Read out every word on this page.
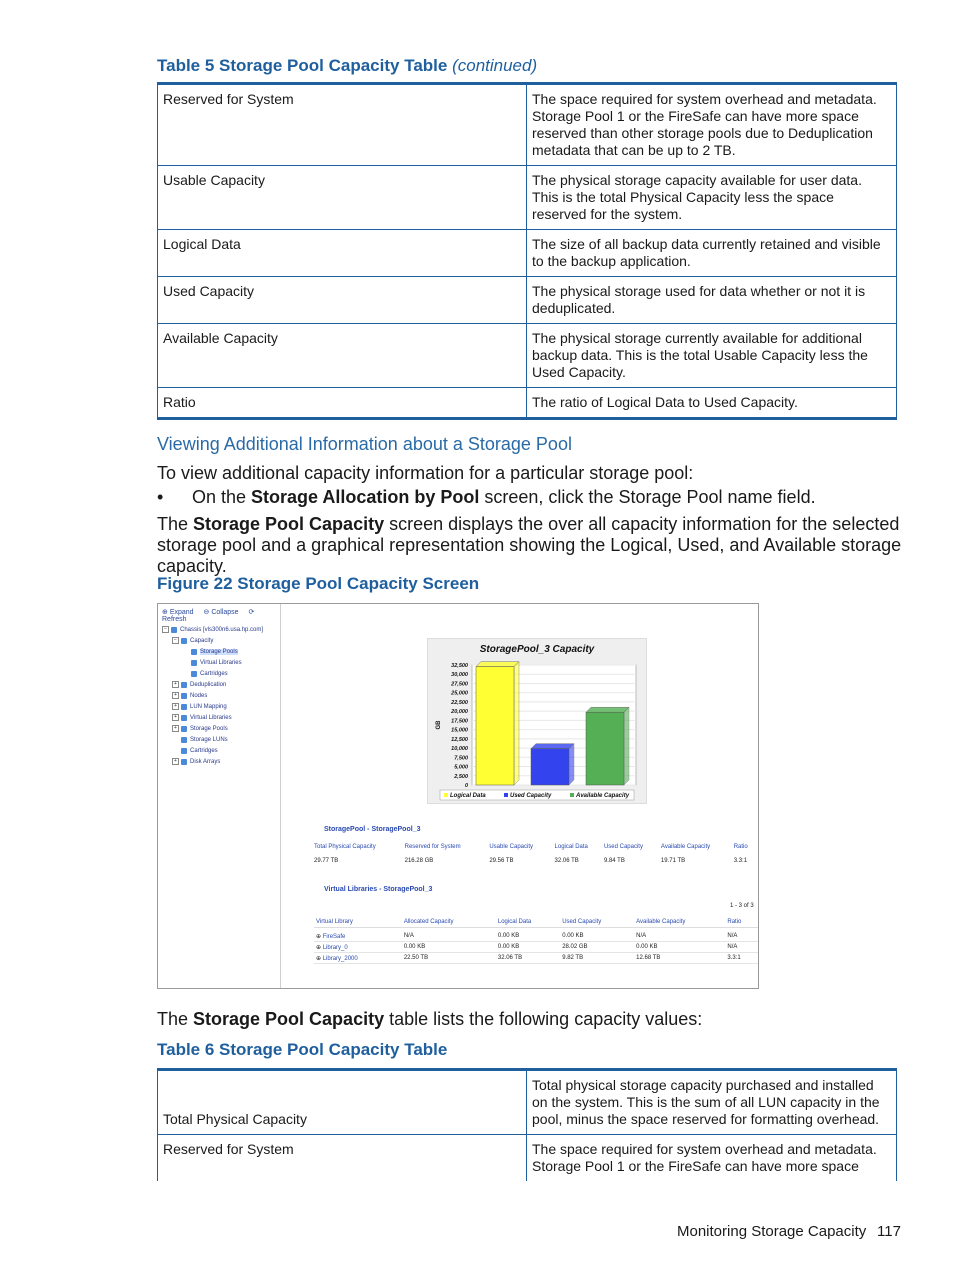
Table 5 Storage Pool Capacity Table (continued)
Reserved for System	The space required for system overhead and metadata. Storage Pool 1 or the FireSafe can have more space reserved than other storage pools due to Deduplication metadata that can be up to 2 TB.
Usable Capacity	The physical storage capacity available for user data. This is the total Physical Capacity less the space reserved for the system.
Logical Data	The size of all backup data currently retained and visible to the backup application.
Used Capacity	The physical storage used for data whether or not it is deduplicated.
Available Capacity	The physical storage currently available for additional backup data. This is the total Usable Capacity less the Used Capacity.
Ratio	The ratio of Logical Data to Used Capacity.
Viewing Additional Information about a Storage Pool
To view additional capacity information for a particular storage pool:
• On the Storage Allocation by Pool screen, click the Storage Pool name field.
The Storage Pool Capacity screen displays the over all capacity information for the selected storage pool and a graphical representation showing the Logical, Used, and Available storage capacity.
Figure 22 Storage Pool Capacity Screen
⊕ Expand ⊖ Collapse ⟳ Refresh
− Chassis [vls300n6.usa.hp.com]
− Capacity
Storage Pools
Virtual Libraries
Cartridges
+ Deduplication
+ Nodes
+ LUN Mapping
+ Virtual Libraries
+ Storage Pools
Storage LUNs
Cartridges
+ Disk Arrays
StoragePool_3 Capacity
32,500
30,000
27,500
25,000
22,500
20,000
17,500
15,000
12,500
10,000
7,500
5,000
2,500
0
GB
Logical Data	Used Capacity	Available Capacity
StoragePool - StoragePool_3
Total Physical Capacity	Reserved for System	Usable Capacity	Logical Data	Used Capacity	Available Capacity	Ratio

29.77 TB	216.28 GB	29.56 TB	32.06 TB	9.84 TB	19.71 TB	3.3:1
Virtual Libraries - StoragePool_3
1 - 3 of 3
Virtual Library	Allocated Capacity	Logical Data	Used Capacity	Available Capacity	Ratio

⊕ FireSafe	N/A	0.00 KB	0.00 KB	N/A	N/A
⊕ Library_0	0.00 KB	0.00 KB	28.02 GB	0.00 KB	N/A
⊕ Library_2000	22.50 TB	32.06 TB	9.82 TB	12.68 TB	3.3:1
The Storage Pool Capacity table lists the following capacity values:
Table 6 Storage Pool Capacity Table
Total Physical Capacity	Total physical storage capacity purchased and installed on the system. This is the sum of all LUN capacity in the pool, minus the space reserved for formatting overhead.
Reserved for System	The space required for system overhead and metadata. Storage Pool 1 or the FireSafe can have more space
Monitoring Storage Capacity 117
